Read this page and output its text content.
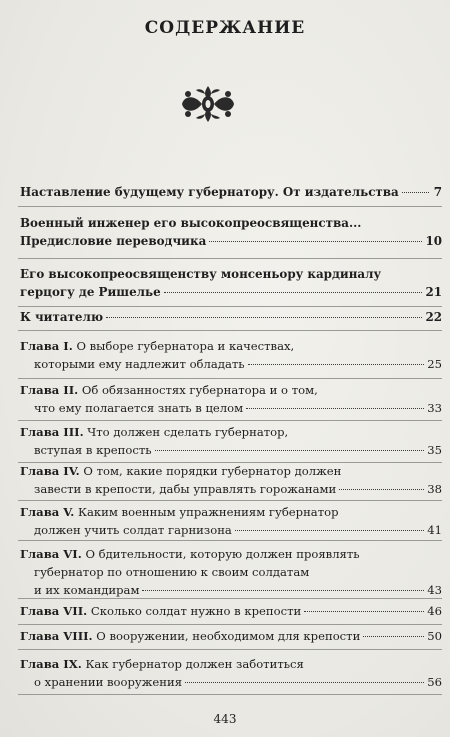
СОДЕРЖАНИЕ
Наставление будущему губернатору. От издательства	7
Военный инженер его высокопреосвященства...
Предисловие переводчика	10
Его высокопреосвященству монсеньору кардиналу
герцогу де Ришелье	21
К читателю	22
Глава I. О выборе губернатора и качествах,
которыми ему надлежит обладать	25
Глава II. Об обязанностях губернатора и о том,
что ему полагается знать в целом	33
Глава III. Что должен сделать губернатор,
вступая в крепость	35
Глава IV. О том, какие порядки губернатор должен
завести в крепости, дабы управлять горожанами	38
Глава V. Каким военным упражнениям губернатор
должен учить солдат гарнизона	41
Глава VI. О бдительности, которую должен проявлять
губернатор по отношению к своим солдатам
и их командирам	43
Глава VII. Сколько солдат нужно в крепости	46
Глава VIII. О вооружении, необходимом для крепости	50
Глава IX. Как губернатор должен заботиться
о хранении вооружения	56
443
